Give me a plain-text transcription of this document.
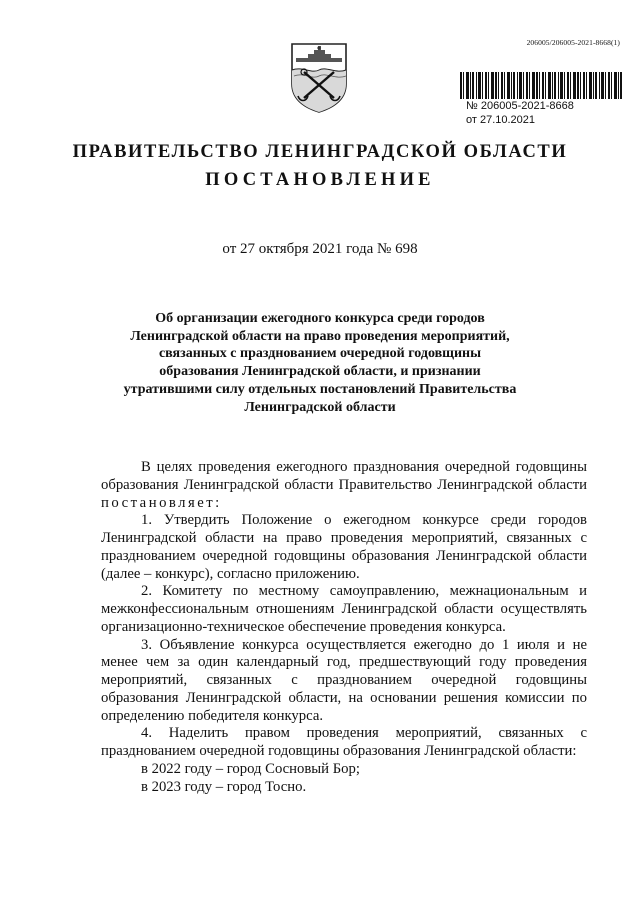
206005/206005-2021-8668(1)
№ 206005-2021-8668
от 27.10.2021
ПРАВИТЕЛЬСТВО ЛЕНИНГРАДСКОЙ ОБЛАСТИ
ПОСТАНОВЛЕНИЕ
от 27 октября 2021 года № 698
Об организации ежегодного конкурса среди городов Ленинградской области на право проведения мероприятий, связанных с празднованием очередной годовщины образования Ленинградской области, и признании утратившими силу отдельных постановлений Правительства Ленинградской области

В целях проведения ежегодного празднования очередной годовщины образования Ленинградской области Правительство Ленинградской области постановляет:

1. Утвердить Положение о ежегодном конкурсе среди городов Ленинградской области на право проведения мероприятий, связанных с празднованием очередной годовщины образования Ленинградской области (далее – конкурс), согласно приложению.

2. Комитету по местному самоуправлению, межнациональным и межконфессиональным отношениям Ленинградской области осуществлять организационно-техническое обеспечение проведения конкурса.

3. Объявление конкурса осуществляется ежегодно до 1 июля и не менее чем за один календарный год, предшествующий году проведения мероприятий, связанных с празднованием очередной годовщины образования Ленинградской области, на основании решения комиссии по определению победителя конкурса.

4. Наделить правом проведения мероприятий, связанных с празднованием очередной годовщины образования Ленинградской области:

в 2022 году – город Сосновый Бор;

в 2023 году – город Тосно.
